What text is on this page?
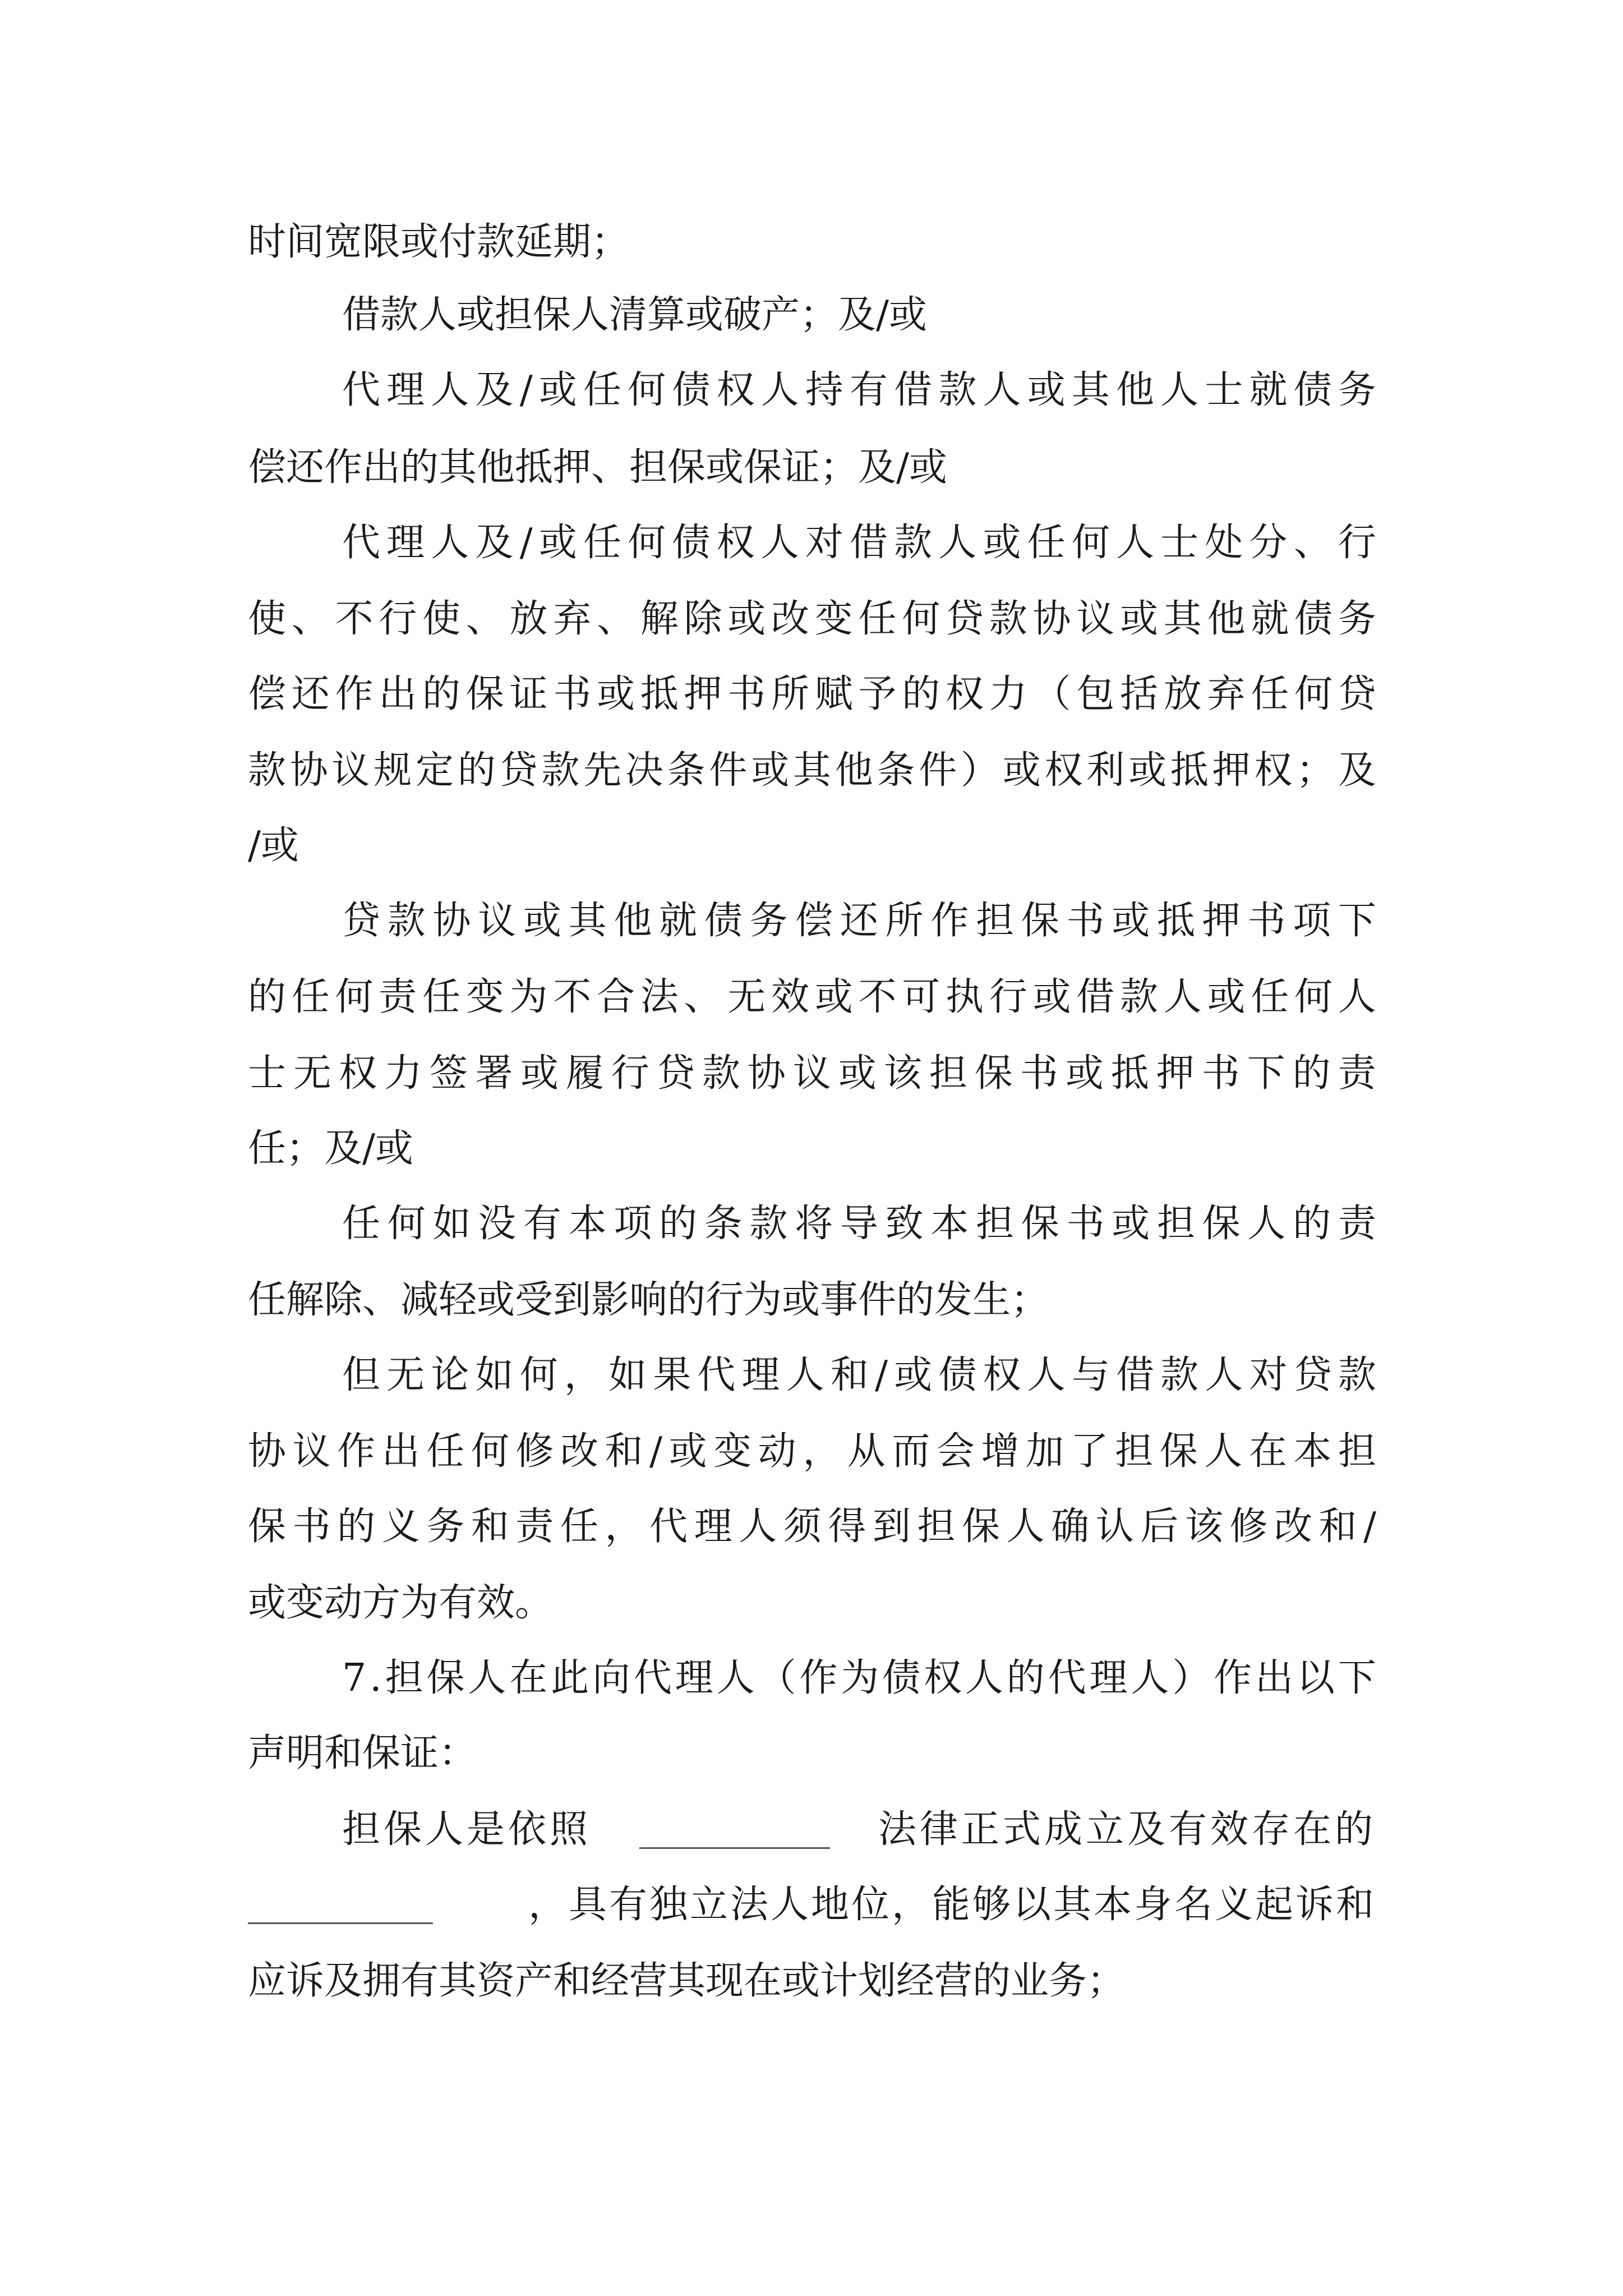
时间宽限或付款延期；
借款人或担保人清算或破产；及/或
代 理 人 及 / 或 任 何 债 权 人 持 有 借 款 人 或 其 他 人 士 就 债 务
偿还作出的其他抵押、担保或保证；及/或
代 理 人 及 / 或 任 何 债 权 人 对 借 款 人 或 任 何 人 士 处 分 、 行
使 、 不 行 使 、 放 弃 、 解 除 或 改 变 任 何 贷 款 协 议 或 其 他 就 债 务
偿 还 作 出 的 保 证 书 或 抵 押 书 所 赋 予 的 权 力 （ 包 括 放 弃 任 何 贷
款 协 议 规 定 的 贷 款 先 决 条 件 或 其 他 条 件 ） 或 权 利 或 抵 押 权 ； 及
/或
贷 款 协 议 或 其 他 就 债 务 偿 还 所 作 担 保 书 或 抵 押 书 项 下
的 任 何 责 任 变 为 不 合 法 、 无 效 或 不 可 执 行 或 借 款 人 或 任 何 人
士 无 权 力 签 署 或 履 行 贷 款 协 议 或 该 担 保 书 或 抵 押 书 下 的 责
任；及/或
任 何 如 没 有 本 项 的 条 款 将 导 致 本 担 保 书 或 担 保 人 的 责
任解除、减轻或受到影响的行为或事件的发生；
但 无 论 如 何 ， 如 果 代 理 人 和 / 或 债 权 人 与 借 款 人 对 贷 款
协 议 作 出 任 何 修 改 和 / 或 变 动 ， 从 而 会 增 加 了 担 保 人 在 本 担
保 书 的 义 务 和 责 任 ， 代 理 人 须 得 到 担 保 人 确 认 后 该 修 改 和 /
或变动方为有效。
7 . 担 保 人 在 此 向 代 理 人 （ 作 为 债 权 人 的 代 理 人 ） 作 出 以 下
声明和保证：
担保人是依照	法律正式成立及有效存在的
，具有独立法人地位，能够以其本身名义起诉和
应诉及拥有其资产和经营其现在或计划经营的业务；
